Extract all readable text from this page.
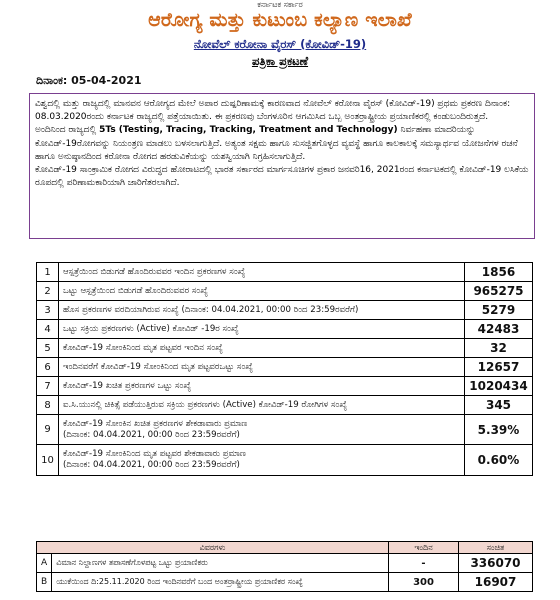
ಕರ್ನಾಟಕ ಸರ್ಕಾರ
ಆರೋಗ್ಯ ಮತ್ತು ಕುಟುಂಬ ಕಲ್ಯಾಣ ಇಲಾಖೆ
ನೋವೆಲ್ ಕರೋನಾ ವೈರಸ್ (ಕೋವಿಡ್-19)
ಪತ್ರಿಕಾ ಪ್ರಕಟಣೆ
ದಿನಾಂಕ: 05-04-2021

ವಿಶ್ವದಲ್ಲಿ ಮತ್ತು ರಾಜ್ಯದಲ್ಲಿ ಮಾನವನ ಆರೋಗ್ಯದ ಮೇಲೆ ಅಪಾರ ದುಷ್ಪರಿಣಾಮಕ್ಕೆ ಕಾರಣವಾದ ನೋವೆಲ್ ಕರೋನಾ ವೈರಸ್ (ಕೋವಿಡ್-19) ಪ್ರಥಮ ಪ್ರಕರಣ ದಿನಾಂಕ: 08.03.2020ರಂದು ಕರ್ನಾಟಕ ರಾಜ್ಯದಲ್ಲಿ ಪತ್ತೆಯಾಯಿತು. ಈ ಪ್ರಕರಣವು ಬೆಂಗಳೂರಿನ ಆಗಮಿಸಿದ ಒಬ್ಬ ಅಂತರ್ರಾಷ್ಟ್ರೀಯ ಪ್ರಯಾಣಿಕರಲ್ಲಿ ಕಂಡುಬಂದಿರುತ್ತದೆ.

ಅಂದಿನಿಂದ ರಾಜ್ಯದಲ್ಲಿ 5Ts (Testing, Tracing, Tracking, Treatment and Technology) ನಿರ್ವಹಣಾ ಮಾದರಿಯನ್ನು ಕೋವಿಡ್-19ರೋಗವನ್ನು ನಿಯಂತ್ರಣ ಮಾಡಲು ಬಳಸಲಾಗುತ್ತಿದೆ. ಅತ್ಯಂತ ಸಕ್ಷಮ ಹಾಗೂ ಸುಸಜ್ಜಿತಗೊಳ್ಳದ ವ್ಯವಸ್ಥೆ ಹಾಗೂ ಕಾಲಕಾಲಕ್ಕೆ ಸಮಸ್ಯಾರ್ಥವ ಯೋಜನೆಗಳ ರಚನೆ ಹಾಗೂ ಅನುಷ್ಠಾನದಿಂದ ಕರೋನಾ ರೋಗದ ಹರಡುವಿಕೆಯನ್ನು ಯಶಸ್ವಿಯಾಗಿ ನಿಗ್ರಹಿಸಲಾಗುತ್ತಿದೆ.

ಕೋವಿಡ್-19 ಸಾಂಕ್ರಾಮಿಕ ರೋಗದ ವಿರುದ್ಧದ ಹೋರಾಟದಲ್ಲಿ ಭಾರತ ಸರ್ಕಾರದ ಮಾರ್ಗಸೂಚಿಗಳ ಪ್ರಕಾರ ಜನವರಿ16, 2021ರಂದ ಕರ್ನಾಟಕದಲ್ಲಿ ಕೋವಿಡ್-19 ಲಸಿಕೆಯ ರೂಪದಲ್ಲಿ ಪರಿಣಾಮಕಾರಿಯಾಗಿ ಜಾರಿಗೆತರಲಾಗಿದೆ.

1	ಆಸ್ಪತ್ರೆಯಿಂದ ಬಿಡುಗಡೆ ಹೊಂದಿರುವವರ ಇಂದಿನ ಪ್ರಕರಣಗಳ ಸಂಖ್ಯೆ	1856
2	ಒಟ್ಟು ಆಸ್ಪತ್ರೆಯಿಂದ ಬಿಡುಗಡೆ ಹೊಂದಿರುವವರ ಸಂಖ್ಯೆ	965275
3	ಹೊಸ ಪ್ರಕರಣಗಳ ವರದಿಯಾಗಿರುವ ಸಂಖ್ಯೆ (ದಿನಾಂಕ: 04.04.2021, 00:00 ರಿಂದ 23:59ರವರೆಗೆ)	5279
4	ಒಟ್ಟು ಸಕ್ರಿಯ ಪ್ರಕರಣಗಳು (Active) ಕೋವಿಡ್ -19ರ ಸಂಖ್ಯೆ	42483
5	ಕೋವಿಡ್-19 ಸೋಂಕಿನಿಂದ ಮೃತ ಪಟ್ಟವರ ಇಂದಿನ ಸಂಖ್ಯೆ	32
6	ಇಂದಿನವರೆಗೆ ಕೋವಿಡ್-19 ಸೋಂಕಿನಿಂದ ಮೃತ ಪಟ್ಟವರಒಟ್ಟು ಸಂಖ್ಯೆ	12657
7	ಕೋವಿಡ್-19 ಖಚಿತ ಪ್ರಕರಣಗಳ ಒಟ್ಟು ಸಂಖ್ಯೆ	1020434
8	ಐ.ಸಿ.ಯುನಲ್ಲಿ ಚಿಕಿತ್ಸೆ ಪಡೆಯುತ್ತಿರುವ ಸಕ್ರಿಯ ಪ್ರಕರಣಗಳು (Active) ಕೋವಿಡ್-19 ರೋಗಿಗಳ ಸಂಖ್ಯೆ	345
9	ಕೋವಿಡ್-19 ಸೋಂಕಿನ ಖಚಿತ ಪ್ರಕರಣಗಳ ಶೇಕಡಾವಾರು ಪ್ರಮಾಣ
(ದಿನಾಂಕ: 04.04.2021, 00:00 ರಿಂದ 23:59ರವರೆಗೆ)	5.39%
10	ಕೋವಿಡ್-19 ಸೋಂಕಿನಿಂದ ಮೃತ ಪಟ್ಟವರ ಶೇಕಡಾವಾರು ಪ್ರಮಾಣ
(ದಿನಾಂಕ: 04.04.2021, 00:00 ರಿಂದ 23:59ರವರೆಗೆ)	0.60%
ವಿವರಗಳು		ಇಂದಿನ	ಸಂಚಿತ
A	ವಿಮಾನ ನಿಲ್ದಾಣಗಳ ತಪಾಸಣೆಗೊಳಪಟ್ಟ ಒಟ್ಟು ಪ್ರಯಾಣಿಕರು	-	336070
B	ಯುಕೆಯಿಂದ ದಿ:25.11.2020 ರಿಂದ ಇಂದಿನವರೆಗೆ ಬಂದ ಅಂತರ್ರಾಷ್ಟ್ರೀಯ ಪ್ರಯಾಣಿಕರ ಸಂಖ್ಯೆ	300	16907
